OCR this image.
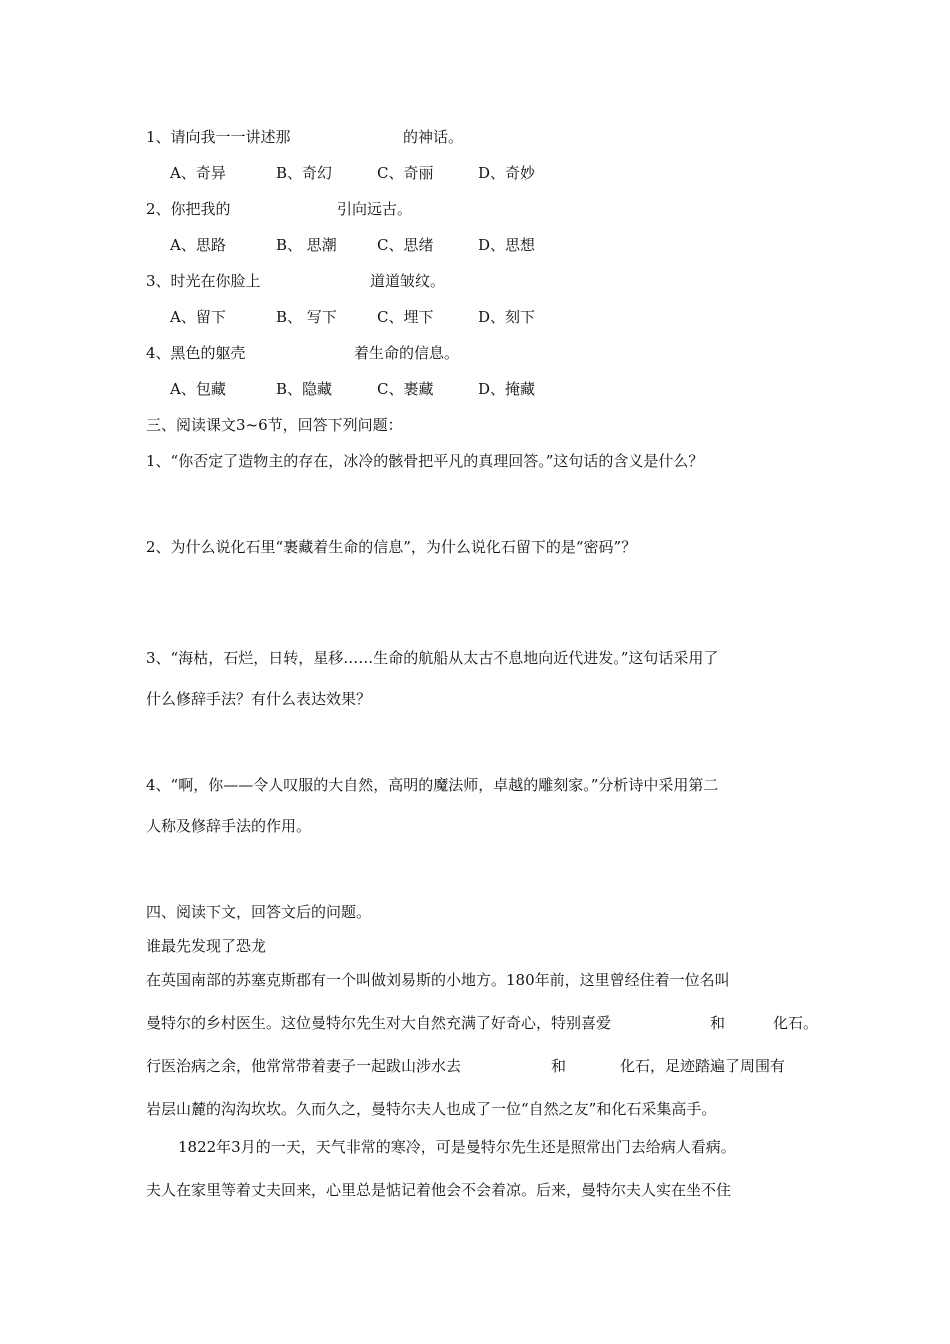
1、请向我一一讲述那	的神话。
A、奇异	B、奇幻	C、奇丽	D、奇妙
2、你把我的	引向远古。
A、思路	B、 思潮	C、思绪	D、思想
3、时光在你脸上	道道皱纹。
A、留下	B、 写下	C、埋下	D、刻下
4、黑色的躯壳	着生命的信息。
A、包藏	B、隐藏	C、裹藏	D、掩藏
三、阅读课文3~6节，回答下列问题：
1、“你否定了造物主的存在，冰冷的骸骨把平凡的真理回答。”这句话的含义是什么？
2、为什么说化石里“裹藏着生命的信息”，为什么说化石留下的是“密码”？
3、“海枯，石烂，日转，星移……生命的航船从太古不息地向近代进发。”这句话采用了
什么修辞手法？有什么表达效果？
4、“啊，你——令人叹服的大自然，高明的魔法师，卓越的雕刻家。”分析诗中采用第二
人称及修辞手法的作用。
四、阅读下文，回答文后的问题。
谁最先发现了恐龙
在英国南部的苏塞克斯郡有一个叫做刘易斯的小地方。180年前，这里曾经住着一位名叫
曼特尔的乡村医生。这位曼特尔先生对大自然充满了好奇心，特别喜爱	和	化石。
行医治病之余，他常常带着妻子一起跋山涉水去	和	化石，足迹踏遍了周围有
岩层山麓的沟沟坎坎。久而久之，曼特尔夫人也成了一位“自然之友”和化石采集高手。
1822年3月的一天，天气非常的寒冷，可是曼特尔先生还是照常出门去给病人看病。
夫人在家里等着丈夫回来，心里总是惦记着他会不会着凉。后来，曼特尔夫人实在坐不住
